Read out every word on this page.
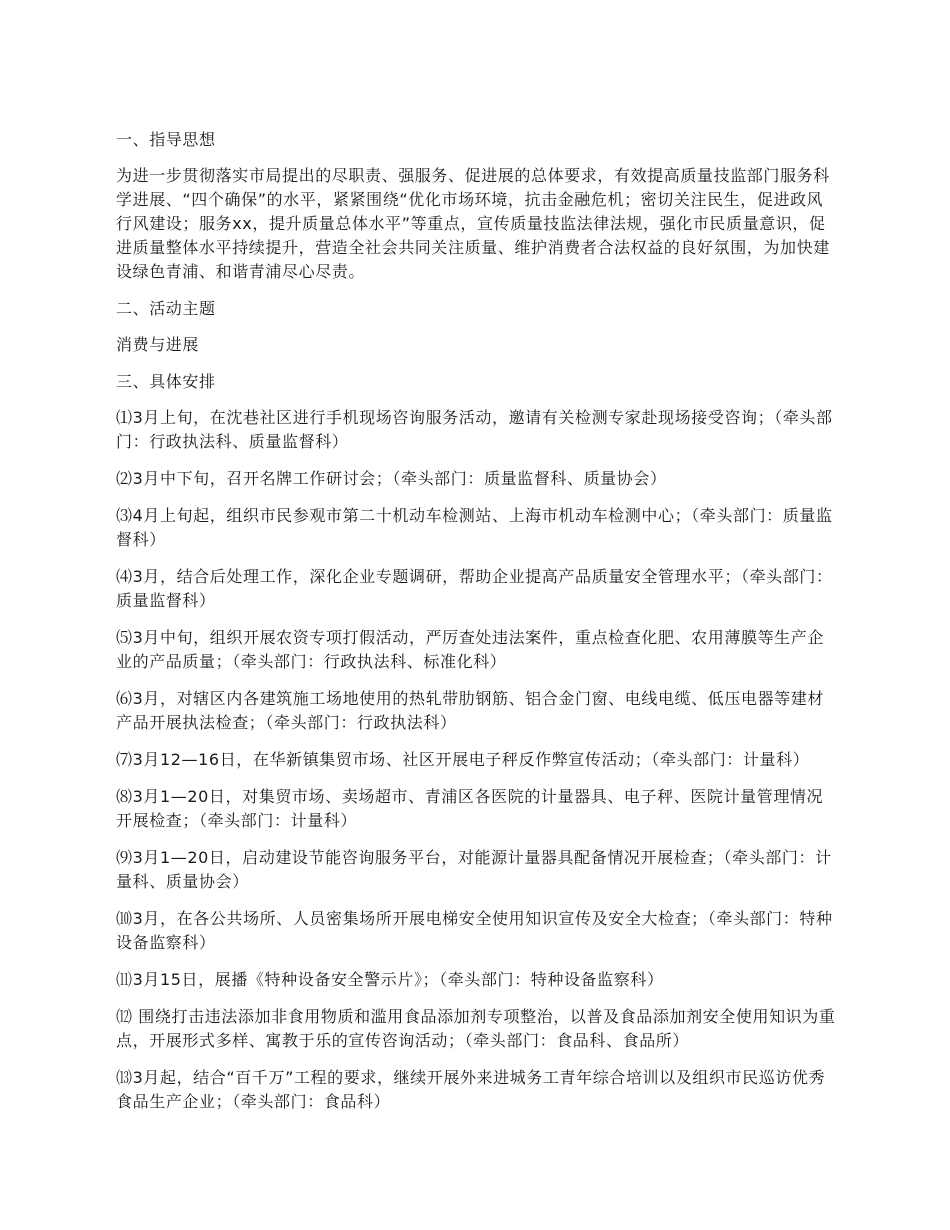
一、指导思想

为进一步贯彻落实市局提出的尽职责、强服务、促进展的总体要求，有效提高质量技监部门服务科学进展、“四个确保”的水平，紧紧围绕“优化市场环境，抗击金融危机；密切关注民生，促进政风行风建设；服务xx，提升质量总体水平”等重点，宣传质量技监法律法规，强化市民质量意识，促进质量整体水平持续提升，营造全社会共同关注质量、维护消费者合法权益的良好氛围，为加快建设绿色青浦、和谐青浦尽心尽责。

二、活动主题

消费与进展

三、具体安排

⑴3月上旬，在沈巷社区进行手机现场咨询服务活动，邀请有关检测专家赴现场接受咨询；（牵头部门：行政执法科、质量监督科）

⑵3月中下旬，召开名牌工作研讨会；（牵头部门：质量监督科、质量协会）

⑶4月上旬起，组织市民参观市第二十机动车检测站、上海市机动车检测中心；（牵头部门：质量监督科）

⑷3月，结合后处理工作，深化企业专题调研，帮助企业提高产品质量安全管理水平；（牵头部门：质量监督科）

⑸3月中旬，组织开展农资专项打假活动，严厉查处违法案件，重点检查化肥、农用薄膜等生产企业的产品质量；（牵头部门：行政执法科、标准化科）

⑹3月，对辖区内各建筑施工场地使用的热轧带肋钢筋、铝合金门窗、电线电缆、低压电器等建材产品开展执法检查；（牵头部门：行政执法科）

⑺3月12—16日，在华新镇集贸市场、社区开展电子秤反作弊宣传活动；（牵头部门：计量科）

⑻3月1—20日，对集贸市场、卖场超市、青浦区各医院的计量器具、电子秤、医院计量管理情况开展检查；（牵头部门：计量科）

⑼3月1—20日，启动建设节能咨询服务平台，对能源计量器具配备情况开展检查；（牵头部门：计量科、质量协会）

⑽3月，在各公共场所、人员密集场所开展电梯安全使用知识宣传及安全大检查；（牵头部门：特种设备监察科）

⑾3月15日，展播《特种设备安全警示片》；（牵头部门：特种设备监察科）

⑿ 围绕打击违法添加非食用物质和滥用食品添加剂专项整治，以普及食品添加剂安全使用知识为重点，开展形式多样、寓教于乐的宣传咨询活动；（牵头部门：食品科、食品所）

⒀3月起，结合“百千万”工程的要求，继续开展外来进城务工青年综合培训以及组织市民巡访优秀食品生产企业；（牵头部门：食品科）
